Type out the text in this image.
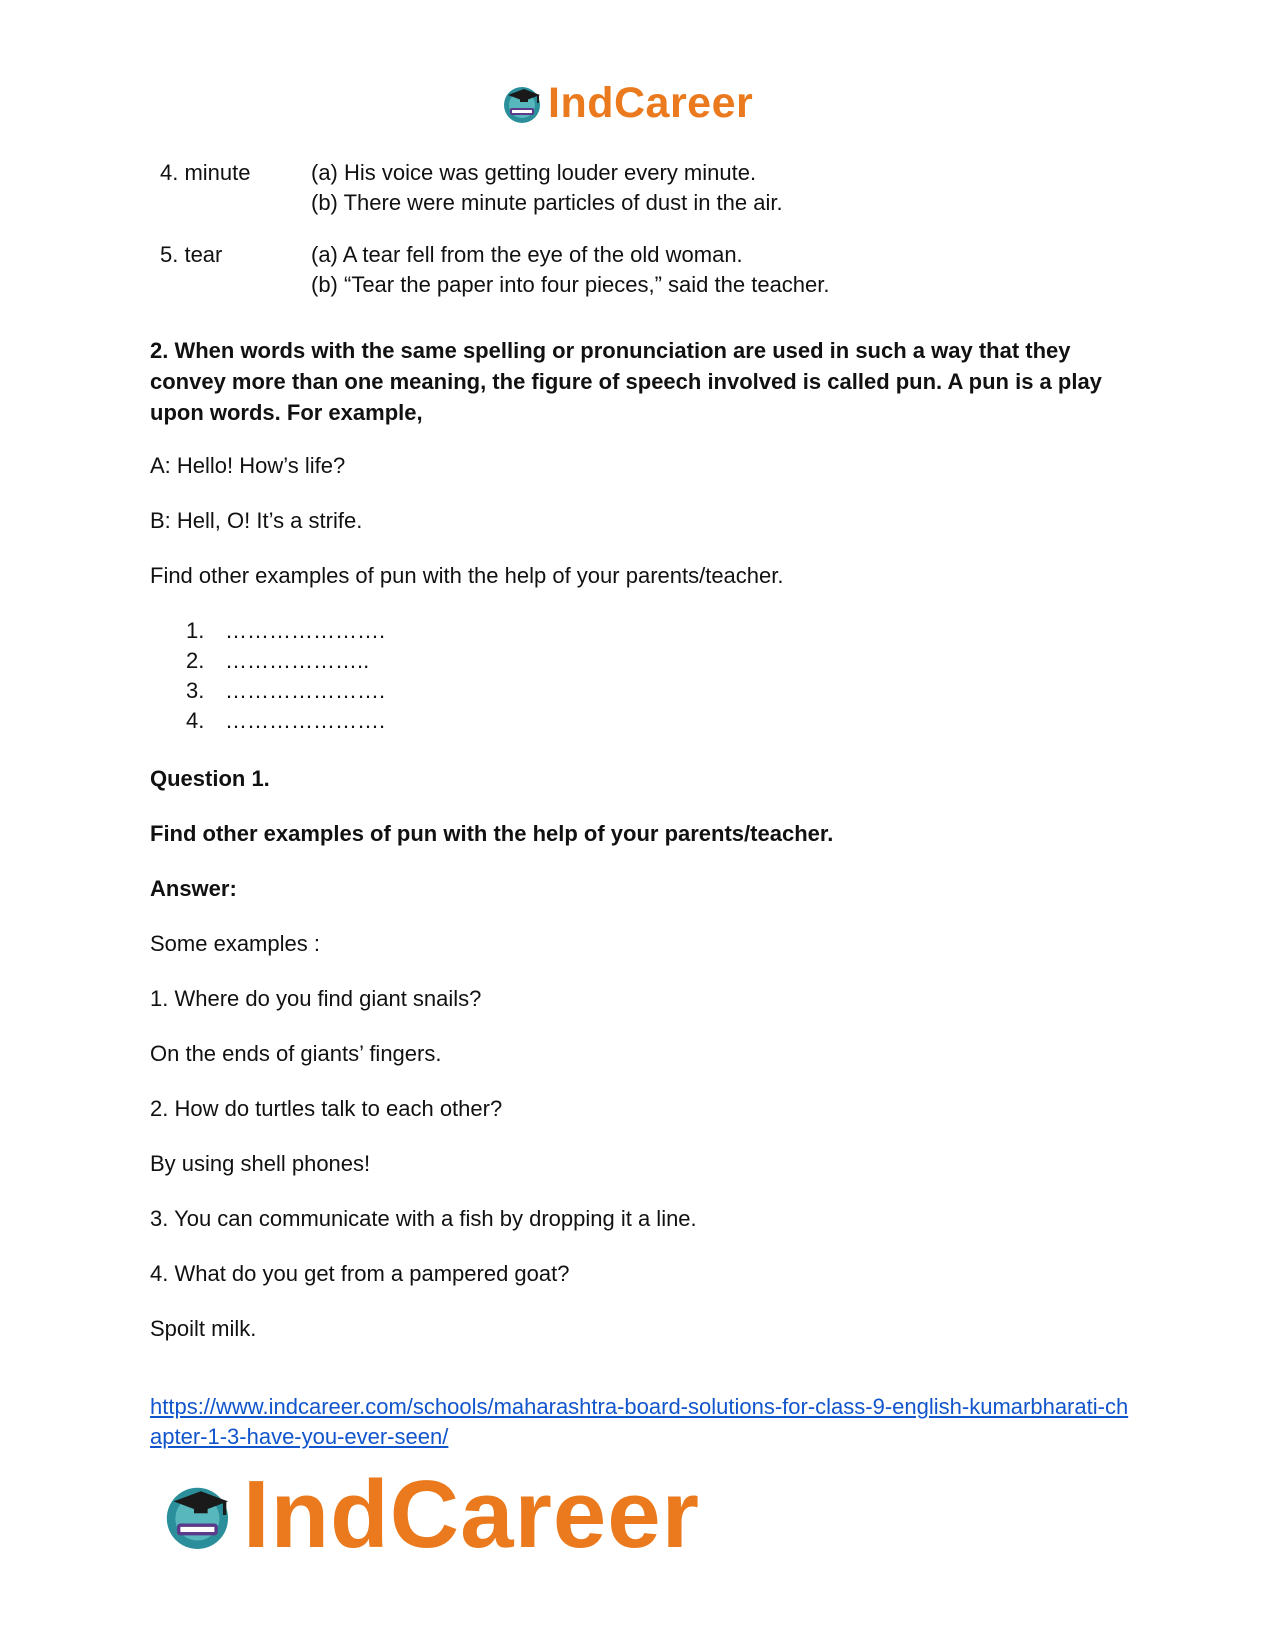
IndCareer
4. minute	(a) His voice was getting louder every minute.
(b) There were minute particles of dust in the air.
5. tear	(a) A tear fell from the eye of the old woman.
(b) “Tear the paper into four pieces,” said the teacher.
2. When words with the same spelling or pronunciation are used in such a way that they convey more than one meaning, the figure of speech involved is called pun. A pun is a play upon words. For example,
A: Hello! How’s life?
B: Hell, O! It’s a strife.
Find other examples of pun with the help of your parents/teacher.
1. ………………….
2. ………………..
3. ………………….
4. ………………….
Question 1.
Find other examples of pun with the help of your parents/teacher.
Answer:
Some examples :
1. Where do you find giant snails?
On the ends of giants’ fingers.
2. How do turtles talk to each other?
By using shell phones!
3. You can communicate with a fish by dropping it a line.
4. What do you get from a pampered goat?
Spoilt milk.
https://www.indcareer.com/schools/maharashtra-board-solutions-for-class-9-english-kumarbharati-chapter-1-3-have-you-ever-seen/
IndCareer
